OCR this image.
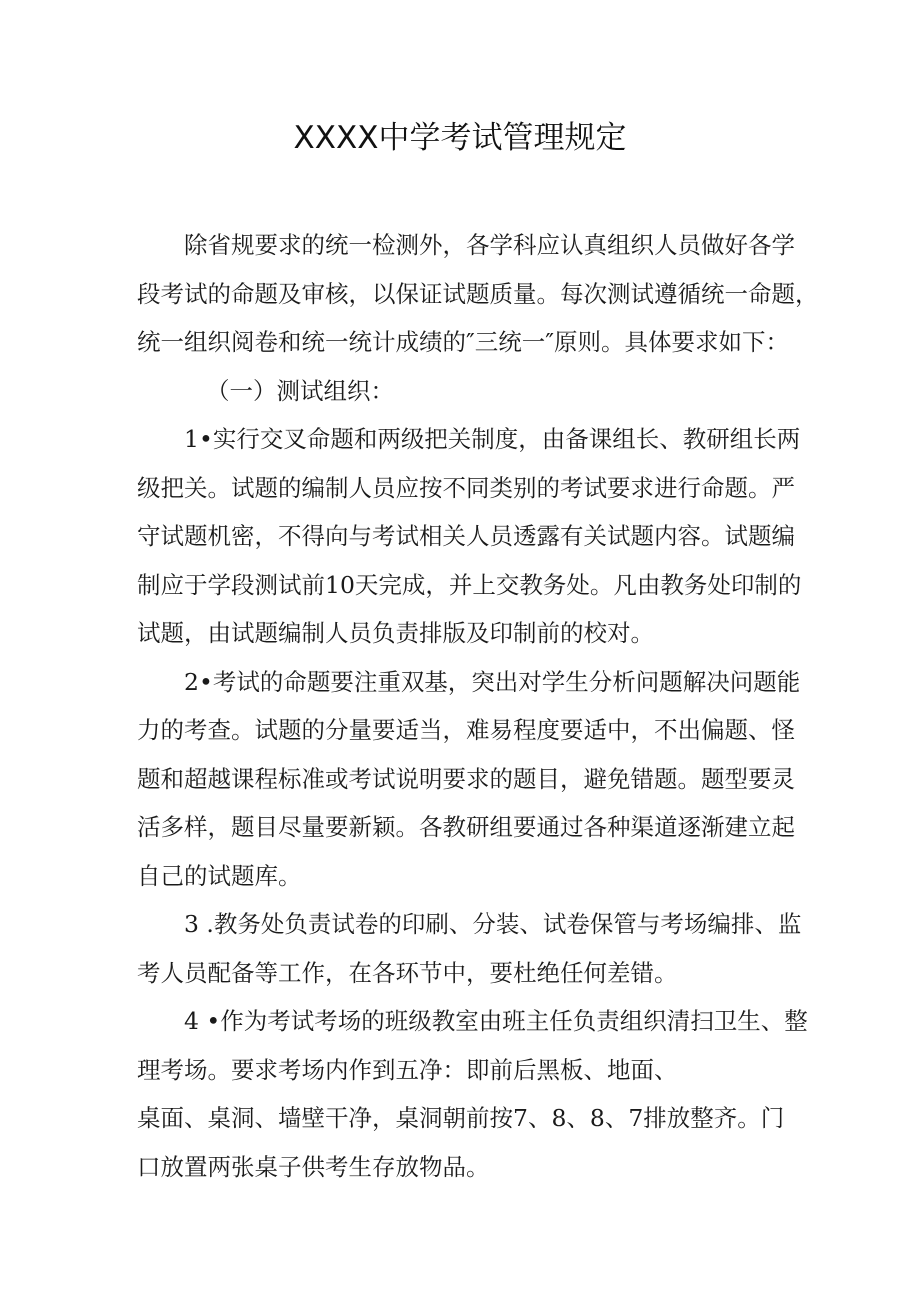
XXXX中学考试管理规定

除省规要求的统一检测外，各学科应认真组织人员做好各学
段考试的命题及审核，以保证试题质量。每次测试遵循统一命题，
统一组织阅卷和统一统计成绩的″三统一″原则。具体要求如下：

（一）测试组织：

1•实行交叉命题和两级把关制度，由备课组长、教研组长两
级把关。试题的编制人员应按不同类别的考试要求进行命题。严
守试题机密，不得向与考试相关人员透露有关试题内容。试题编
制应于学段测试前10天完成，并上交教务处。凡由教务处印制的
试题，由试题编制人员负责排版及印制前的校对。

2•考试的命题要注重双基，突出对学生分析问题解决问题能
力的考查。试题的分量要适当，难易程度要适中，不出偏题、怪
题和超越课程标准或考试说明要求的题目，避免错题。题型要灵
活多样，题目尽量要新颖。各教研组要通过各种渠道逐渐建立起
自己的试题库。

3 .教务处负责试卷的印刷、分装、试卷保管与考场编排、监
考人员配备等工作，在各环节中，要杜绝任何差错。

4 •作为考试考场的班级教室由班主任负责组织清扫卫生、整
理考场。要求考场内作到五净：即前后黑板、地面、
桌面、桌洞、墙壁干净，桌洞朝前按7、8、8、7排放整齐。门
口放置两张桌子供考生存放物品。
